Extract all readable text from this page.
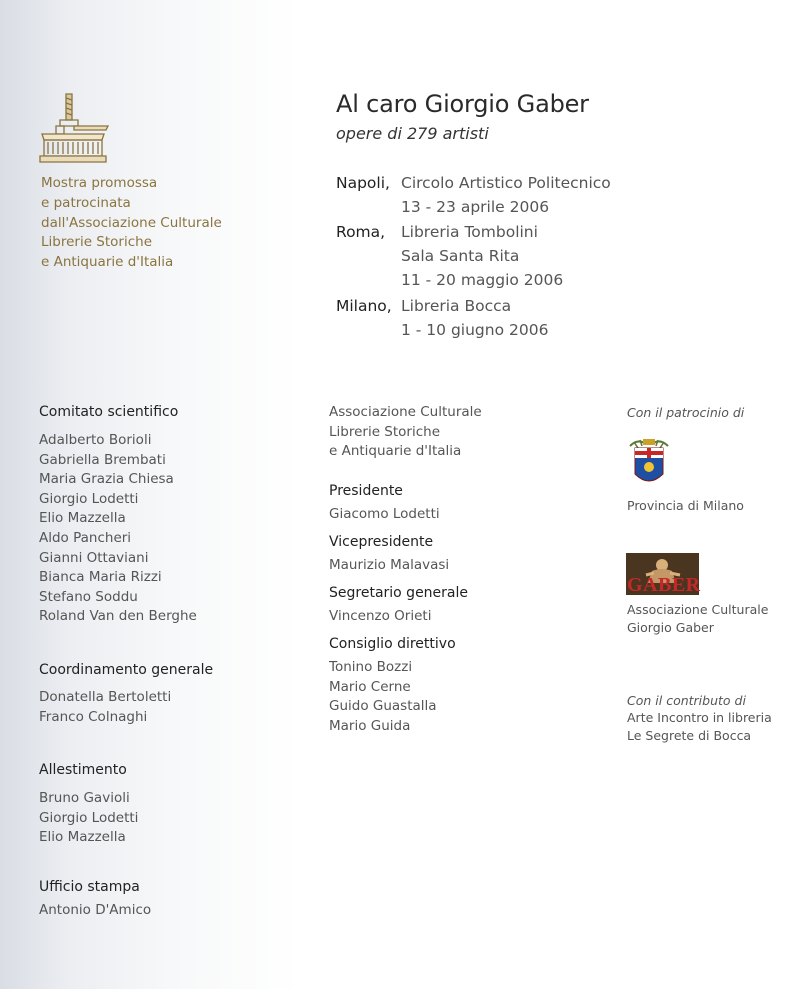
Mostra promossa
e patrocinata
dall'Associazione Culturale
Librerie Storiche
e Antiquarie d'Italia
Al caro Giorgio Gaber
opere di 279 artisti
Napoli, Circolo Artistico Politecnico
13 - 23 aprile 2006
Roma, Libreria Tombolini
Sala Santa Rita
11 - 20 maggio 2006
Milano, Libreria Bocca
1 - 10 giugno 2006
Comitato scientifico
Adalberto Borioli
Gabriella Brembati
Maria Grazia Chiesa
Giorgio Lodetti
Elio Mazzella
Aldo Pancheri
Gianni Ottaviani
Bianca Maria Rizzi
Stefano Soddu
Roland Van den Berghe
Coordinamento generale
Donatella Bertoletti
Franco Colnaghi
Allestimento
Bruno Gavioli
Giorgio Lodetti
Elio Mazzella
Ufficio stampa
Antonio D'Amico
Associazione Culturale
Librerie Storiche
e Antiquarie d'Italia
Presidente
Giacomo Lodetti
Vicepresidente
Maurizio Malavasi
Segretario generale
Vincenzo Orieti
Consiglio direttivo
Tonino Bozzi
Mario Cerne
Guido Guastalla
Mario Guida
Con il patrocinio di
Provincia di Milano
GABER
Associazione Culturale
Giorgio Gaber
Con il contributo di
Arte Incontro in libreria
Le Segrete di Bocca
